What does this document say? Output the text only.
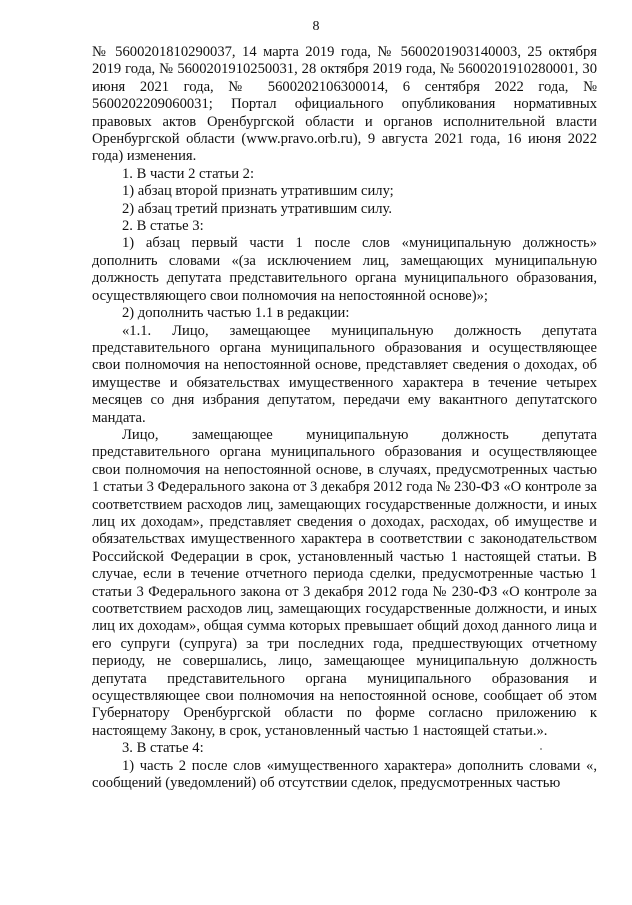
8

№ 5600201810290037, 14 марта 2019 года, № 5600201903140003, 25 октября 2019 года, № 5600201910250031, 28 октября 2019 года, № 5600201910280001, 30 июня 2021 года, № 5600202106300014, 6 сентября 2022 года, № 5600202209060031; Портал официального опубликования нормативных правовых актов Оренбургской области и органов исполнительной власти Оренбургской области (www.pravo.orb.ru), 9 августа 2021 года, 16 июня 2022 года) изменения.

1. В части 2 статьи 2:

1) абзац второй признать утратившим силу;

2) абзац третий признать утратившим силу.

2. В статье 3:

1) абзац первый части 1 после слов «муниципальную должность» дополнить словами «(за исключением лиц, замещающих муниципальную должность депутата представительного органа муниципального образования, осуществляющего свои полномочия на непостоянной основе)»;

2) дополнить частью 1.1 в редакции:

«1.1. Лицо, замещающее муниципальную должность депутата представительного органа муниципального образования и осуществляющее свои полномочия на непостоянной основе, представляет сведения о доходах, об имуществе и обязательствах имущественного характера в течение четырех месяцев со дня избрания депутатом, передачи ему вакантного депутатского мандата.

Лицо, замещающее муниципальную должность депутата представительного органа муниципального образования и осуществляющее свои полномочия на непостоянной основе, в случаях, предусмотренных частью 1 статьи 3 Федерального закона от 3 декабря 2012 года № 230-ФЗ «О контроле за соответствием расходов лиц, замещающих государственные должности, и иных лиц их доходам», представляет сведения о доходах, расходах, об имуществе и обязательствах имущественного характера в соответствии с законодательством Российской Федерации в срок, установленный частью 1 настоящей статьи. В случае, если в течение отчетного периода сделки, предусмотренные частью 1 статьи 3 Федерального закона от 3 декабря 2012 года № 230-ФЗ «О контроле за соответствием расходов лиц, замещающих государственные должности, и иных лиц их доходам», общая сумма которых превышает общий доход данного лица и его супруги (супруга) за три последних года, предшествующих отчетному периоду, не совершались, лицо, замещающее муниципальную должность депутата представительного органа муниципального образования и осуществляющее свои полномочия на непостоянной основе, сообщает об этом Губернатору Оренбургской области по форме согласно приложению к настоящему Закону, в срок, установленный частью 1 настоящей статьи.».

3. В статье 4:

1) часть 2 после слов «имущественного характера» дополнить словами «, сообщений (уведомлений) об отсутствии сделок, предусмотренных частью
